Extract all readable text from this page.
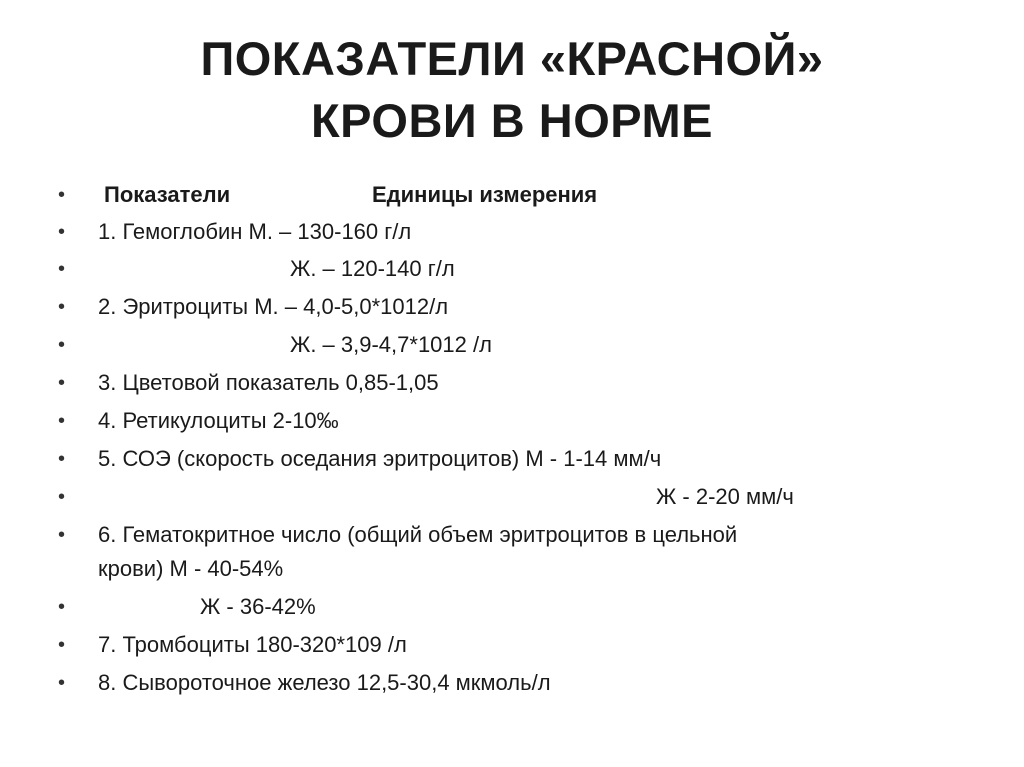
ПОКАЗАТЕЛИ «КРАСНОЙ»
КРОВИ В НОРМЕ
• Показатели	Единицы измерения
• 1. Гемоглобин М. – 130-160 г/л
•	Ж. – 120-140 г/л
• 2. Эритроциты М. – 4,0-5,0*1012/л
•	Ж. – 3,9-4,7*1012 /л
• 3. Цветовой показатель 0,85-1,05
• 4. Ретикулоциты 2-10‰
• 5. СОЭ (скорость оседания эритроцитов) М - 1-14 мм/ч
•	Ж - 2-20 мм/ч
• 6. Гематокритное число (общий объем эритроцитов в цельной
крови) М - 40-54%
•	Ж - 36-42%
• 7. Тромбоциты 180-320*109 /л
• 8. Сывороточное железо 12,5-30,4 мкмоль/л
